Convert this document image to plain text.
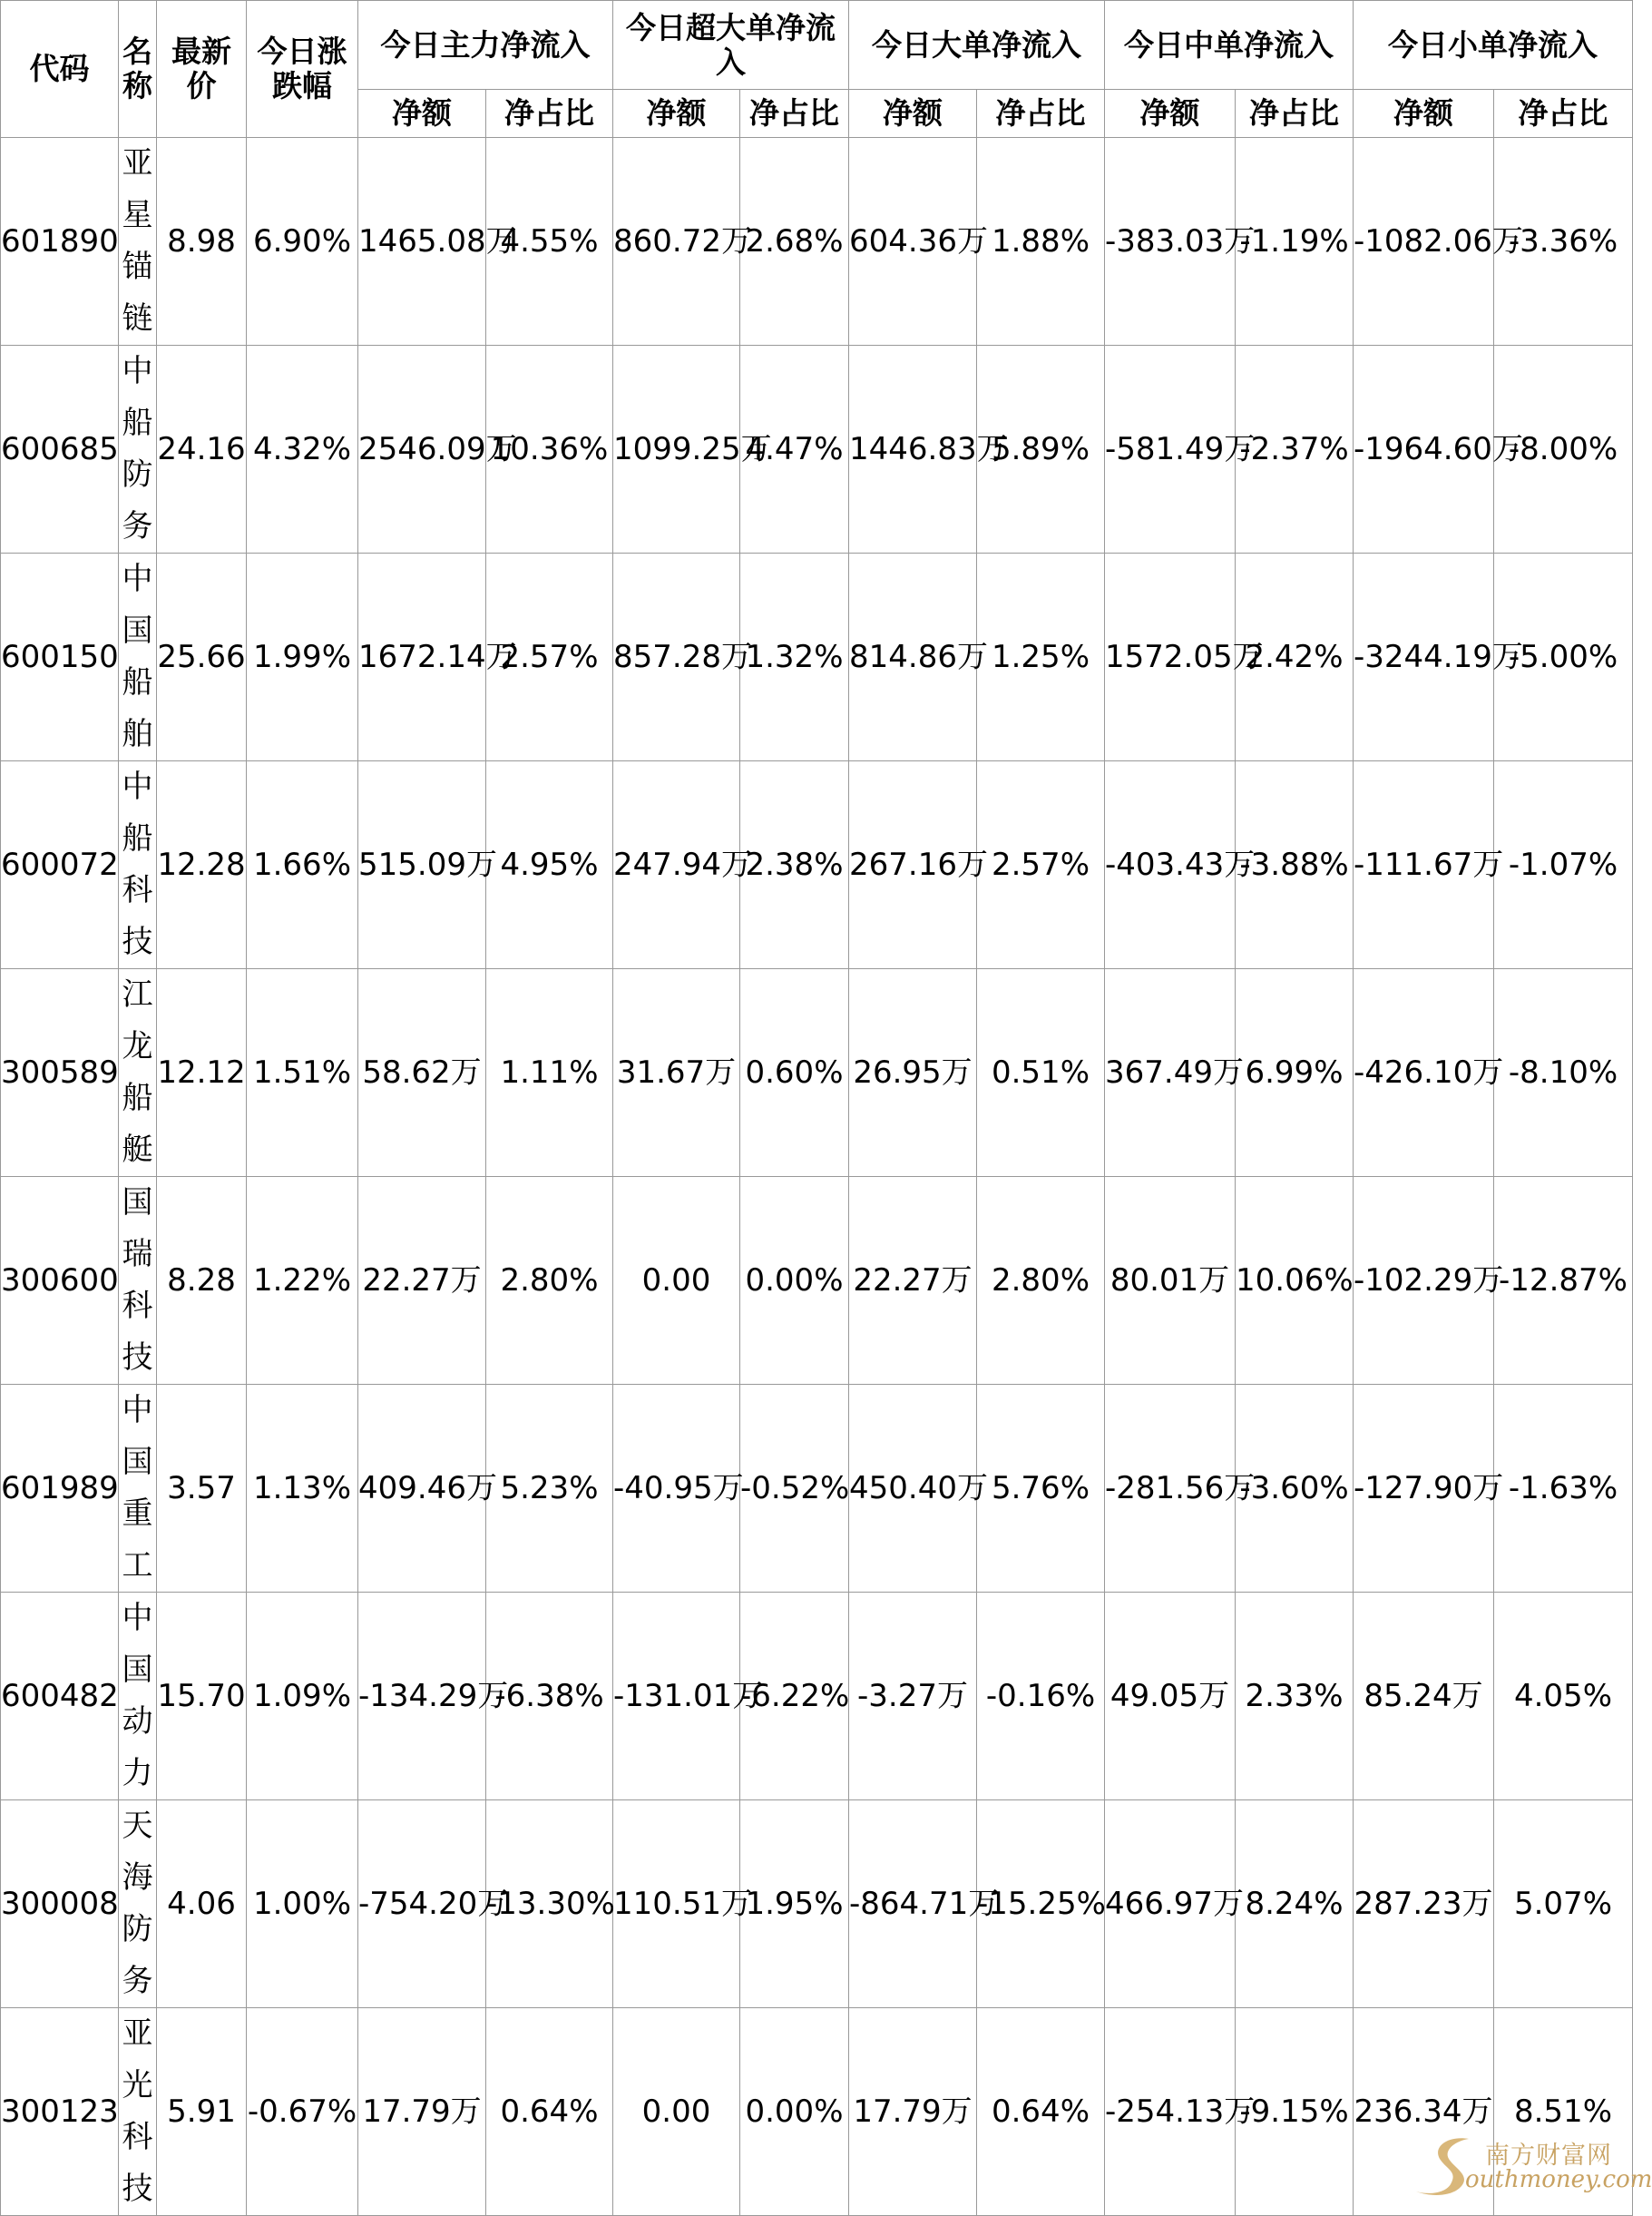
代码	名称	最新价	今日涨跌幅	今日主力净流入		今日超大单净流入		今日大单净流入		今日中单净流入		今日小单净流入	
				净额	净占比	净额	净占比	净额	净占比	净额	净占比	净额	净占比
601890	亚星锚链	8.98	6.90%	1465.08万	4.55%	860.72万	2.68%	604.36万	1.88%	-383.03万	-1.19%	-1082.06万	-3.36%
600685	中船防务	24.16	4.32%	2546.09万	10.36%	1099.25万	4.47%	1446.83万	5.89%	-581.49万	-2.37%	-1964.60万	-8.00%
600150	中国船舶	25.66	1.99%	1672.14万	2.57%	857.28万	1.32%	814.86万	1.25%	1572.05万	2.42%	-3244.19万	-5.00%
600072	中船科技	12.28	1.66%	515.09万	4.95%	247.94万	2.38%	267.16万	2.57%	-403.43万	-3.88%	-111.67万	-1.07%
300589	江龙船艇	12.12	1.51%	58.62万	1.11%	31.67万	0.60%	26.95万	0.51%	367.49万	6.99%	-426.10万	-8.10%
300600	国瑞科技	8.28	1.22%	22.27万	2.80%	0.00	0.00%	22.27万	2.80%	80.01万	10.06%	-102.29万	-12.87%
601989	中国重工	3.57	1.13%	409.46万	5.23%	-40.95万	-0.52%	450.40万	5.76%	-281.56万	-3.60%	-127.90万	-1.63%
600482	中国动力	15.70	1.09%	-134.29万	-6.38%	-131.01万	-6.22%	-3.27万	-0.16%	49.05万	2.33%	85.24万	4.05%
300008	天海防务	4.06	1.00%	-754.20万	-13.30%	110.51万	1.95%	-864.71万	-15.25%	466.97万	8.24%	287.23万	5.07%
300123	亚光科技	5.91	-0.67%	17.79万	0.64%	0.00	0.00%	17.79万	0.64%	-254.13万	-9.15%	236.34万	8.51%
南方财富网
outhmoney.com
